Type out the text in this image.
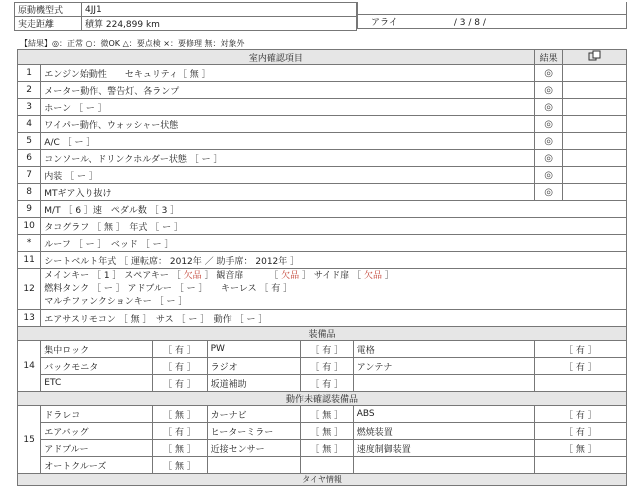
原動機型式	4JJ1
実走距離	積算 224,899 km	アライ	/ 3 / 8 /
【結果】◎：正常 ○：微OK △：要点検 ×：要修理 無：対象外
室内確認項目						結果	
1	エンジン始動性　　セキュリティ［ 無 ］					◎	
2	メーター動作、警告灯、各ランプ					◎	
3	ホーン ［ ー ］					◎	
4	ワイパー動作、ウォッシャー状態					◎	
5	A/C ［ ー ］					◎	
6	コンソール、ドリンクホルダー状態 ［ ー ］					◎	
7	内装 ［ ー ］					◎	
8	MTギア入り抜け					◎	
9	M/T ［ 6 ］速　ペダル数 ［ 3 ］						
10	タコグラフ ［ 無 ］　年式 ［ ー ］						
*	ルーフ ［ ー ］　ベッド ［ ー ］						
11	シートベルト年式 ［ 運転席： 2012年 ／ 助手席： 2012年 ］						
12	メインキー ［ 1 ］ スペアキー ［ 欠品 ］ 観音扉 ［ 欠品 ］ サイド扉 ［ 欠品 ］
燃料タンク ［ ー ］ アドブルー ［ ー ］　　キーレス ［ 有 ］
マルチファンクションキー ［ ー ］						

13	エアサスリモコン ［ 無 ］　サス ［ ー ］　動作 ［ ー ］						
装備品							
14	集中ロック	［ 有 ］	PW	［ 有 ］	電格	［ 有 ］	
	バックモニタ	［ 有 ］	ラジオ	［ 有 ］	アンテナ	［ 有 ］	
	ETC	［ 有 ］	坂道補助	［ 有 ］			
動作未確認装備品							
15	ドラレコ	［ 無 ］	カーナビ	［ 無 ］	ABS	［ 有 ］	
	エアバッグ	［ 有 ］	ヒーターミラー	［ 無 ］	燃焼装置	［ 有 ］	
	アドブルー	［ 無 ］	近接センサー	［ 無 ］	速度制御装置	［ 無 ］	
	オートクルーズ	［ 無 ］					
タイヤ情報							
